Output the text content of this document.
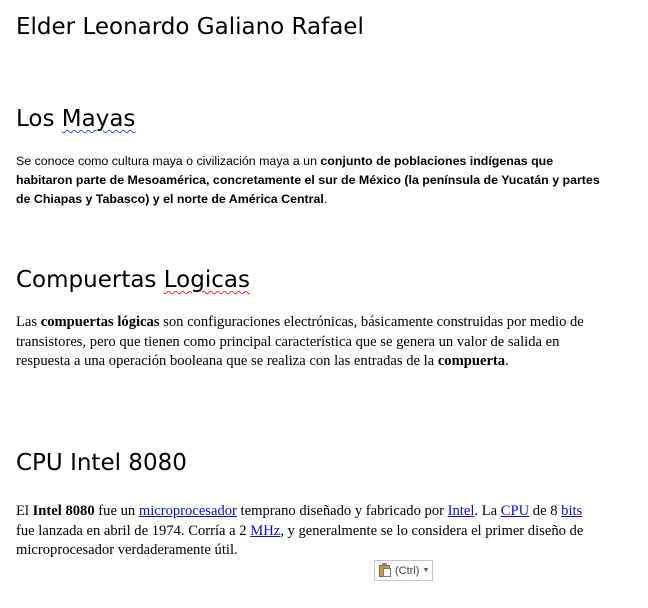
Elder Leonardo Galiano Rafael
Los Mayas

Se conoce como cultura maya o civilización maya a un conjunto de poblaciones indígenas que habitaron parte de Mesoamérica, concretamente el sur de México (la península de Yucatán y partes de Chiapas y Tabasco) y el norte de América Central.

Compuertas Logicas

Las compuertas lógicas son configuraciones electrónicas, básicamente construidas por medio de transistores, pero que tienen como principal característica que se genera un valor de salida en respuesta a una operación booleana que se realiza con las entradas de la compuerta.

CPU Intel 8080

El Intel 8080 fue un microprocesador temprano diseñado y fabricado por Intel. La CPU de 8 bits fue lanzada en abril de 1974. Corría a 2 MHz, y generalmente se lo considera el primer diseño de microprocesador verdaderamente útil.

(Ctrl) ▼
